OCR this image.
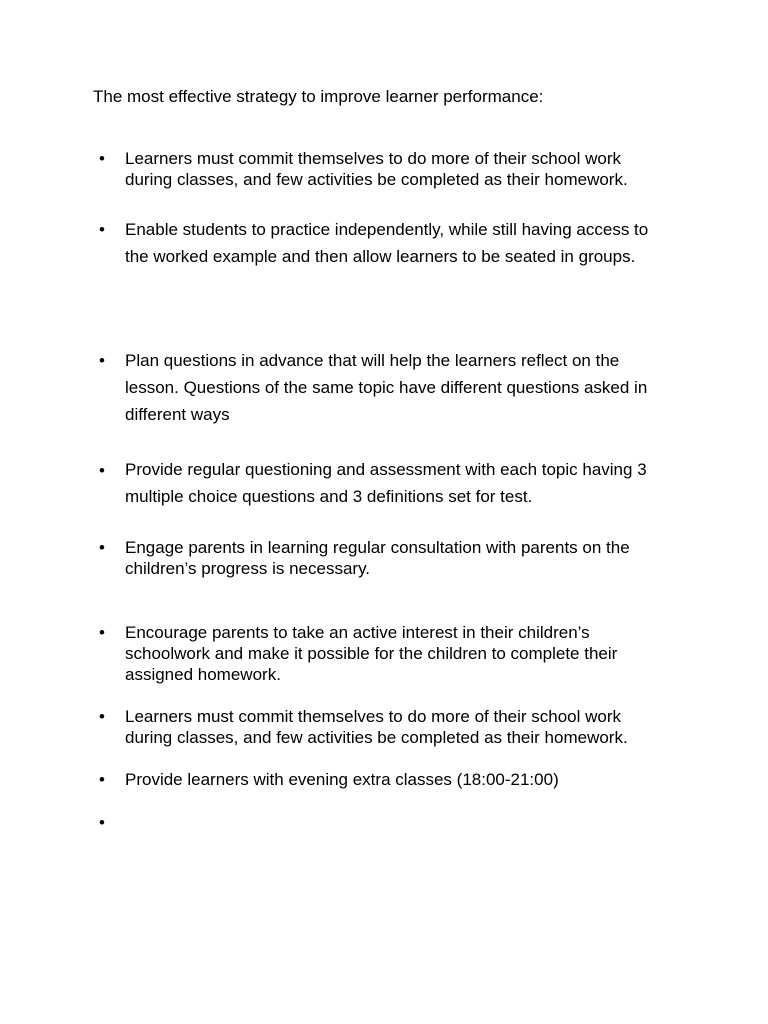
The most effective strategy to improve learner performance:

•	Learners must commit themselves to do more of their school work during classes, and few activities be completed as their homework.

•	Enable students to practice independently, while still having access to the worked example and then allow learners to be seated in groups.

•	Plan questions in advance that will help the learners reflect on the lesson. Questions of the same topic have different questions asked in different ways

•	Provide regular questioning and assessment with each topic having 3 multiple choice questions and 3 definitions set for test.

•	Engage parents in learning regular consultation with parents on the children’s progress is necessary.

•	Encourage parents to take an active interest in their children’s schoolwork and make it possible for the children to complete their assigned homework.

•	Learners must commit themselves to do more of their school work during classes, and few activities be completed as their homework.

•	Provide learners with evening extra classes (18:00-21:00)

•
